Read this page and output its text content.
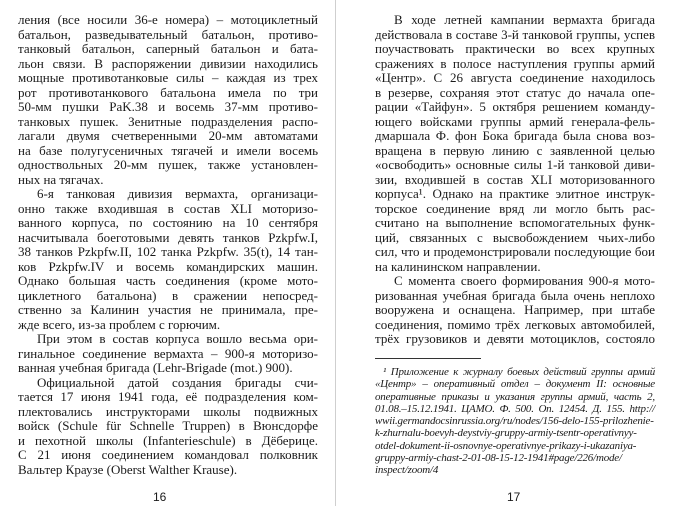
ления (все носили 36-е номера) – мотоциклетный
батальон, разведывательный батальон, противо-
танковый батальон, саперный батальон и бата-
льон связи. В распоряжении дивизии находились
мощные противотанковые силы – каждая из трех
рот противотанкового батальона имела по три
50-мм пушки PaK.38 и восемь 37-мм противо-
танковых пушек. Зенитные подразделения распо-
лагали двумя счетверенными 20-мм автоматами
на базе полугусеничных тягачей и имели восемь
одноствольных 20-мм пушек, также установлен-
ных на тягачах.
6-я танковая дивизия вермахта, организаци-
онно также входившая в состав XLI моторизо-
ванного корпуса, по состоянию на 10 сентября
насчитывала боеготовыми девять танков Pzkpfw.I,
38 танков Pzkpfw.II, 102 танка Pzkpfw. 35(t), 14 тан-
ков Pzkpfw.IV и восемь командирских машин.
Однако большая часть соединения (кроме мото-
циклетного батальона) в сражении непосред-
ственно за Калинин участия не принимала, пре-
жде всего, из-за проблем с горючим.
При этом в состав корпуса вошло весьма ори-
гинальное соединение вермахта – 900-я моторизо-
ванная учебная бригада (Lehr-Brigade (mot.) 900).
Официальной датой создания бригады счи-
тается 17 июня 1941 года, её подразделения ком-
плектовались инструкторами школы подвижных
войск (Schule für Schnelle Truppen) в Вюнсдорфе
и пехотной школы (Infanterieschule) в Дёберице.
С 21 июня соединением командовал полковник
Вальтер Краузе (Oberst Walther Krause).
16
В ходе летней кампании вермахта бригада
действовала в составе 3-й танковой группы, успев
поучаствовать практически во всех крупных
сражениях в полосе наступления группы армий
«Центр». С 26 августа соединение находилось
в резерве, сохраняя этот статус до начала опе-
рации «Тайфун». 5 октября решением команду-
ющего войсками группы армий генерала-фель-
дмаршала Ф. фон Бока бригада была снова воз-
вращена в первую линию с заявленной целью
«освободить» основные силы 1-й танковой диви-
зии, входившей в состав XLI моторизованного
корпуса¹. Однако на практике элитное инструк-
торское соединение вряд ли могло быть рас-
считано на выполнение вспомогательных функ-
ций, связанных с высвобождением чьих-либо
сил, что и продемонстрировали последующие бои
на калининском направлении.
С момента своего формирования 900-я мото-
ризованная учебная бригада была очень неплохо
вооружена и оснащена. Например, при штабе
соединения, помимо трёх легковых автомобилей,
трёх грузовиков и девяти мотоциклов, состояло
¹ Приложение к журналу боевых действий группы армий
«Центр» – оперативный отдел – документ II: основные
оперативные приказы и указания группы армий, часть 2,
01.08.–15.12.1941. ЦАМО. Ф. 500. Оп. 12454. Д. 155. http://
wwii.germandocsinrussia.org/ru/nodes/156-delo-155-prilozhenie-
k-zhurnalu-boevyh-deystviy-gruppy-armiy-tsentr-operativnyy-
otdel-dokument-ii-osnovnye-operativnye-prikazy-i-ukazaniya-
gruppy-armiy-chast-2-01-08-15-12-1941#page/226/mode/
inspect/zoom/4
17
